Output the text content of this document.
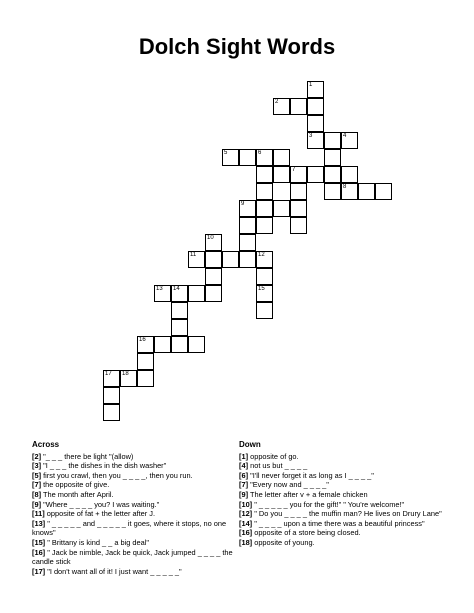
Dolch Sight Words
1
2
3	4
5	6
7
8
9
10
11	12
15
13 14
16
17 18
Across
[2] "_ _ _ there be light "(allow)
[3] "I _ _ _ the dishes in the dish washer"
[5] first you crawl, then you _ _ _ _, then you run.
[7] the opposite of give.
[8] The month after April.
[9] "Where _ _ _ _ you? I was waiting."
[11] opposite of fat + the letter after J.
[13] " _ _ _ _ _ and _ _ _ _ _ it goes, where it stops, no one knows"
[15] " Brittany is kind _ _ a big deal"
[16] " Jack be nimble, Jack be quick, Jack jumped _ _ _ _ the candle stick
[17] "I don't want all of it! I just want _ _ _ _ _"
Down
[1] opposite of go.
[4] not us but _ _ _ _
[6] "I'll never forget it as long as I _ _ _ _"
[7] "Every now and _ _ _ _"
[9] The letter after v + a female chicken
[10] " _ _ _ _ _ you for the gift!" " You're welcome!"
[12] " Do you _ _ _ _ the muffin man? He lives on Drury Lane"
[14] " _ _ _ _ upon a time there was a beautiful princess"
[16] opposite of a store being closed.
[18] opposite of young.
